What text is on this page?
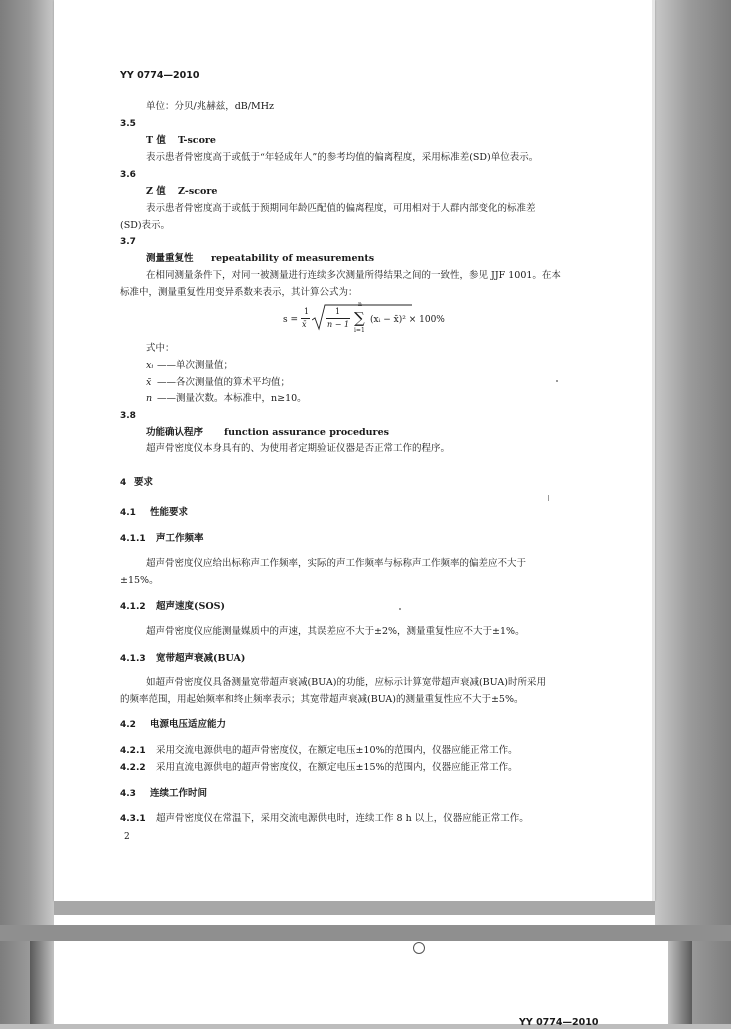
YY 0774—2010
单位：分贝/兆赫兹，dB/MHz
3.5
T 值 T-score
表示患者骨密度高于或低于“年轻成年人”的参考均值的偏离程度，采用标准差(SD)单位表示。
3.6
Z 值 Z-score
表示患者骨密度高于或低于预期同年龄匹配值的偏离程度，可用相对于人群内部变化的标准差
(SD)表示。
3.7
测量重复性 repeatability of measurements
在相同测量条件下，对同一被测量进行连续多次测量所得结果之间的一致性，参见 JJF 1001。在本
标准中，测量重复性用变异系数来表示，其计算公式为：
s =
1
x̄
1
n − 1 ∑
n
i=1
(xᵢ − x̄)² × 100%
式中：
xᵢ ——单次测量值；
x̄ ——各次测量值的算术平均值；
n ——测量次数。本标准中，n≥10。
3.8
功能确认程序 function assurance procedures
超声骨密度仪本身具有的、为使用者定期验证仪器是否正常工作的程序。
4 要求
4.1 性能要求
4.1.1 声工作频率
超声骨密度仪应给出标称声工作频率，实际的声工作频率与标称声工作频率的偏差应不大于
±15%。
4.1.2 超声速度(SOS)
超声骨密度仪应能测量媒质中的声速，其误差应不大于±2%，测量重复性应不大于±1%。
4.1.3 宽带超声衰减(BUA)
如超声骨密度仪具备测量宽带超声衰减(BUA)的功能，应标示计算宽带超声衰减(BUA)时所采用
的频率范围，用起始频率和终止频率表示；其宽带超声衰减(BUA)的测量重复性应不大于±5%。
4.2 电源电压适应能力
4.2.1 采用交流电源供电的超声骨密度仪，在额定电压±10%的范围内，仪器应能正常工作。
4.2.2 采用直流电源供电的超声骨密度仪，在额定电压±15%的范围内，仪器应能正常工作。
4.3 连续工作时间
4.3.1 超声骨密度仪在常温下，采用交流电源供电时，连续工作 8 h 以上，仪器应能正常工作。
2
YY 0774—2010
